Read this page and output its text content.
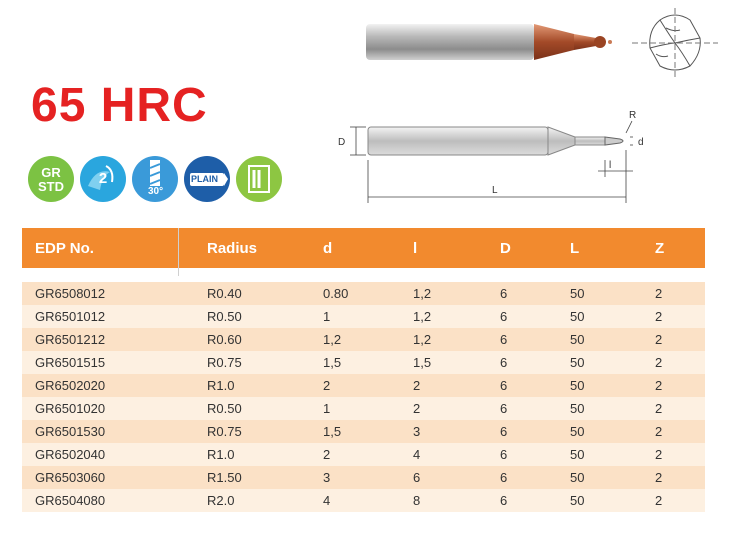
65 HRC
D
L
l
d
R
GR
STD	2
30°
PLAIN
EDP No.	Radius	d	l	D	L	Z

GR6508012	R0.40	0.80	1,2	6	50	2
GR6501012	R0.50	1	1,2	6	50	2
GR6501212	R0.60	1,2	1,2	6	50	2
GR6501515	R0.75	1,5	1,5	6	50	2
GR6502020	R1.0	2	2	6	50	2
GR6501020	R0.50	1	2	6	50	2
GR6501530	R0.75	1,5	3	6	50	2
GR6502040	R1.0	2	4	6	50	2
GR6503060	R1.50	3	6	6	50	2
GR6504080	R2.0	4	8	6	50	2
